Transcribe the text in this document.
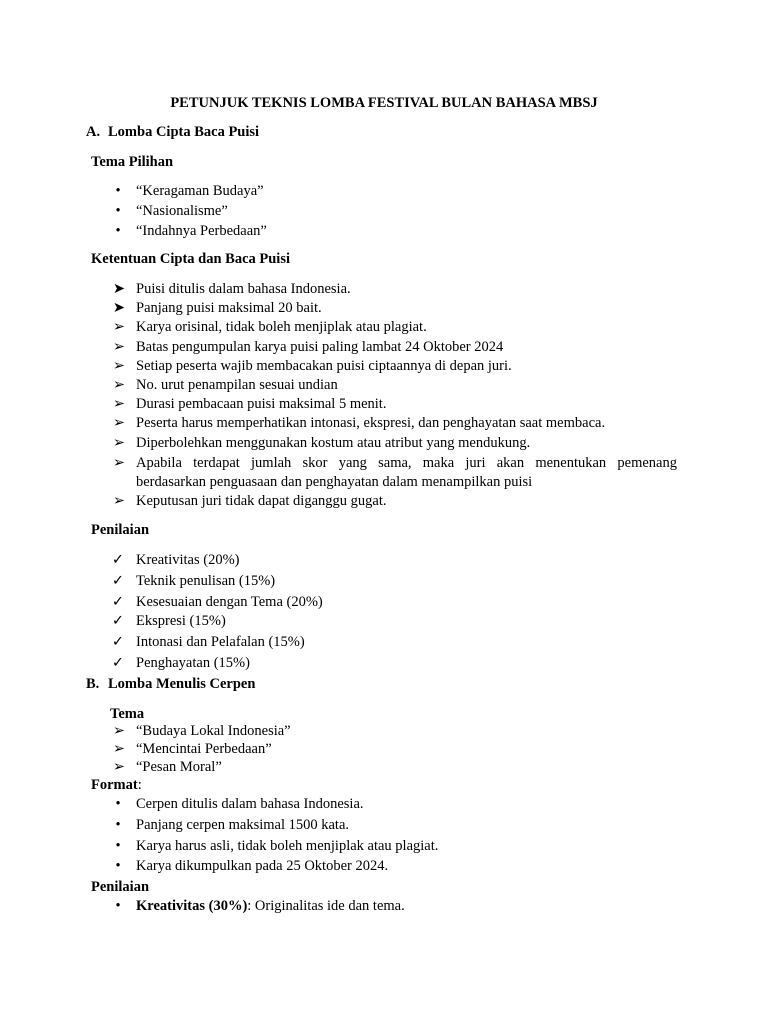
PETUNJUK TEKNIS LOMBA FESTIVAL BULAN BAHASA MBSJ
A. Lomba Cipta Baca Puisi
Tema Pilihan
•	“Keragaman Budaya”
•	“Nasionalisme”
•	“Indahnya Perbedaan”
Ketentuan Cipta dan Baca Puisi
➤ Puisi ditulis dalam bahasa Indonesia.
➤ Panjang puisi maksimal 20 bait.
➢ Karya orisinal, tidak boleh menjiplak atau plagiat.
➢ Batas pengumpulan karya puisi paling lambat 24 Oktober 2024
➢ Setiap peserta wajib membacakan puisi ciptaannya di depan juri.
➢ No. urut penampilan sesuai undian
➢ Durasi pembacaan puisi maksimal 5 menit.
➢ Peserta harus memperhatikan intonasi, ekspresi, dan penghayatan saat membaca.
➢ Diperbolehkan menggunakan kostum atau atribut yang mendukung.
➢ Apabila terdapat jumlah skor yang sama, maka juri akan menentukan pemenang
berdasarkan penguasaan dan penghayatan dalam menampilkan puisi
➢ Keputusan juri tidak dapat diganggu gugat.
Penilaian
✓ Kreativitas (20%)
✓ Teknik penulisan (15%)
✓ Kesesuaian dengan Tema (20%)
✓ Ekspresi (15%)
✓ Intonasi dan Pelafalan (15%)
✓ Penghayatan (15%)
B. Lomba Menulis Cerpen
Tema
➢ “Budaya Lokal Indonesia”
➢ “Mencintai Perbedaan”
➢ “Pesan Moral”
Format:
•	Cerpen ditulis dalam bahasa Indonesia.
•	Panjang cerpen maksimal 1500 kata.
•	Karya harus asli, tidak boleh menjiplak atau plagiat.
•	Karya dikumpulkan pada 25 Oktober 2024.
Penilaian
•	Kreativitas (30%): Originalitas ide dan tema.
